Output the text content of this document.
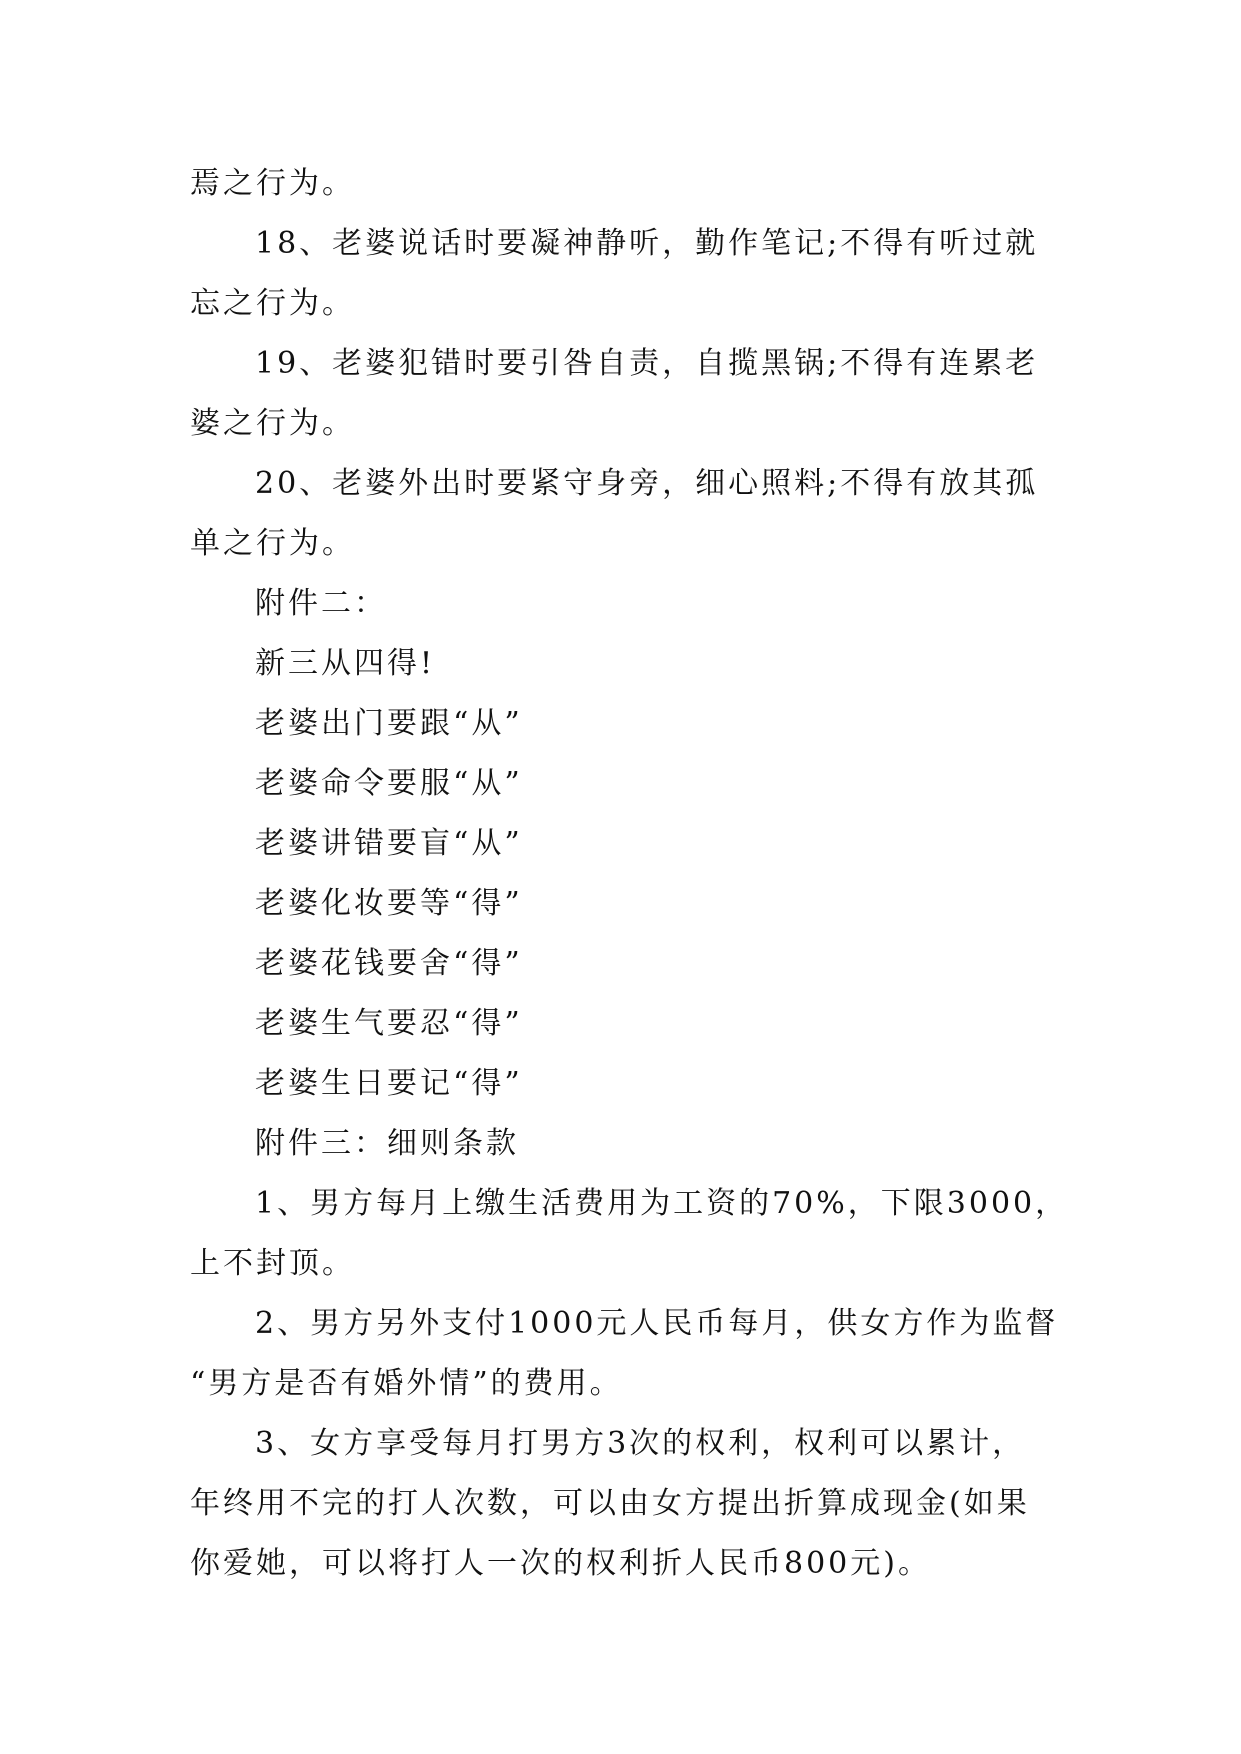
焉之行为。
18、老婆说话时要凝神静听，勤作笔记;不得有听过就
忘之行为。
19、老婆犯错时要引咎自责，自揽黑锅;不得有连累老
婆之行为。
20、老婆外出时要紧守身旁，细心照料;不得有放其孤
单之行为。
附件二：
新三从四得!
老婆出门要跟“从”
老婆命令要服“从”
老婆讲错要盲“从”
老婆化妆要等“得”
老婆花钱要舍“得”
老婆生气要忍“得”
老婆生日要记“得”
附件三：细则条款
1、男方每月上缴生活费用为工资的70%，下限3000，
上不封顶。
2、男方另外支付1000元人民币每月，供女方作为监督
“男方是否有婚外情”的费用。
3、女方享受每月打男方3次的权利，权利可以累计，
年终用不完的打人次数，可以由女方提出折算成现金(如果
你爱她，可以将打人一次的权利折人民币800元)。
